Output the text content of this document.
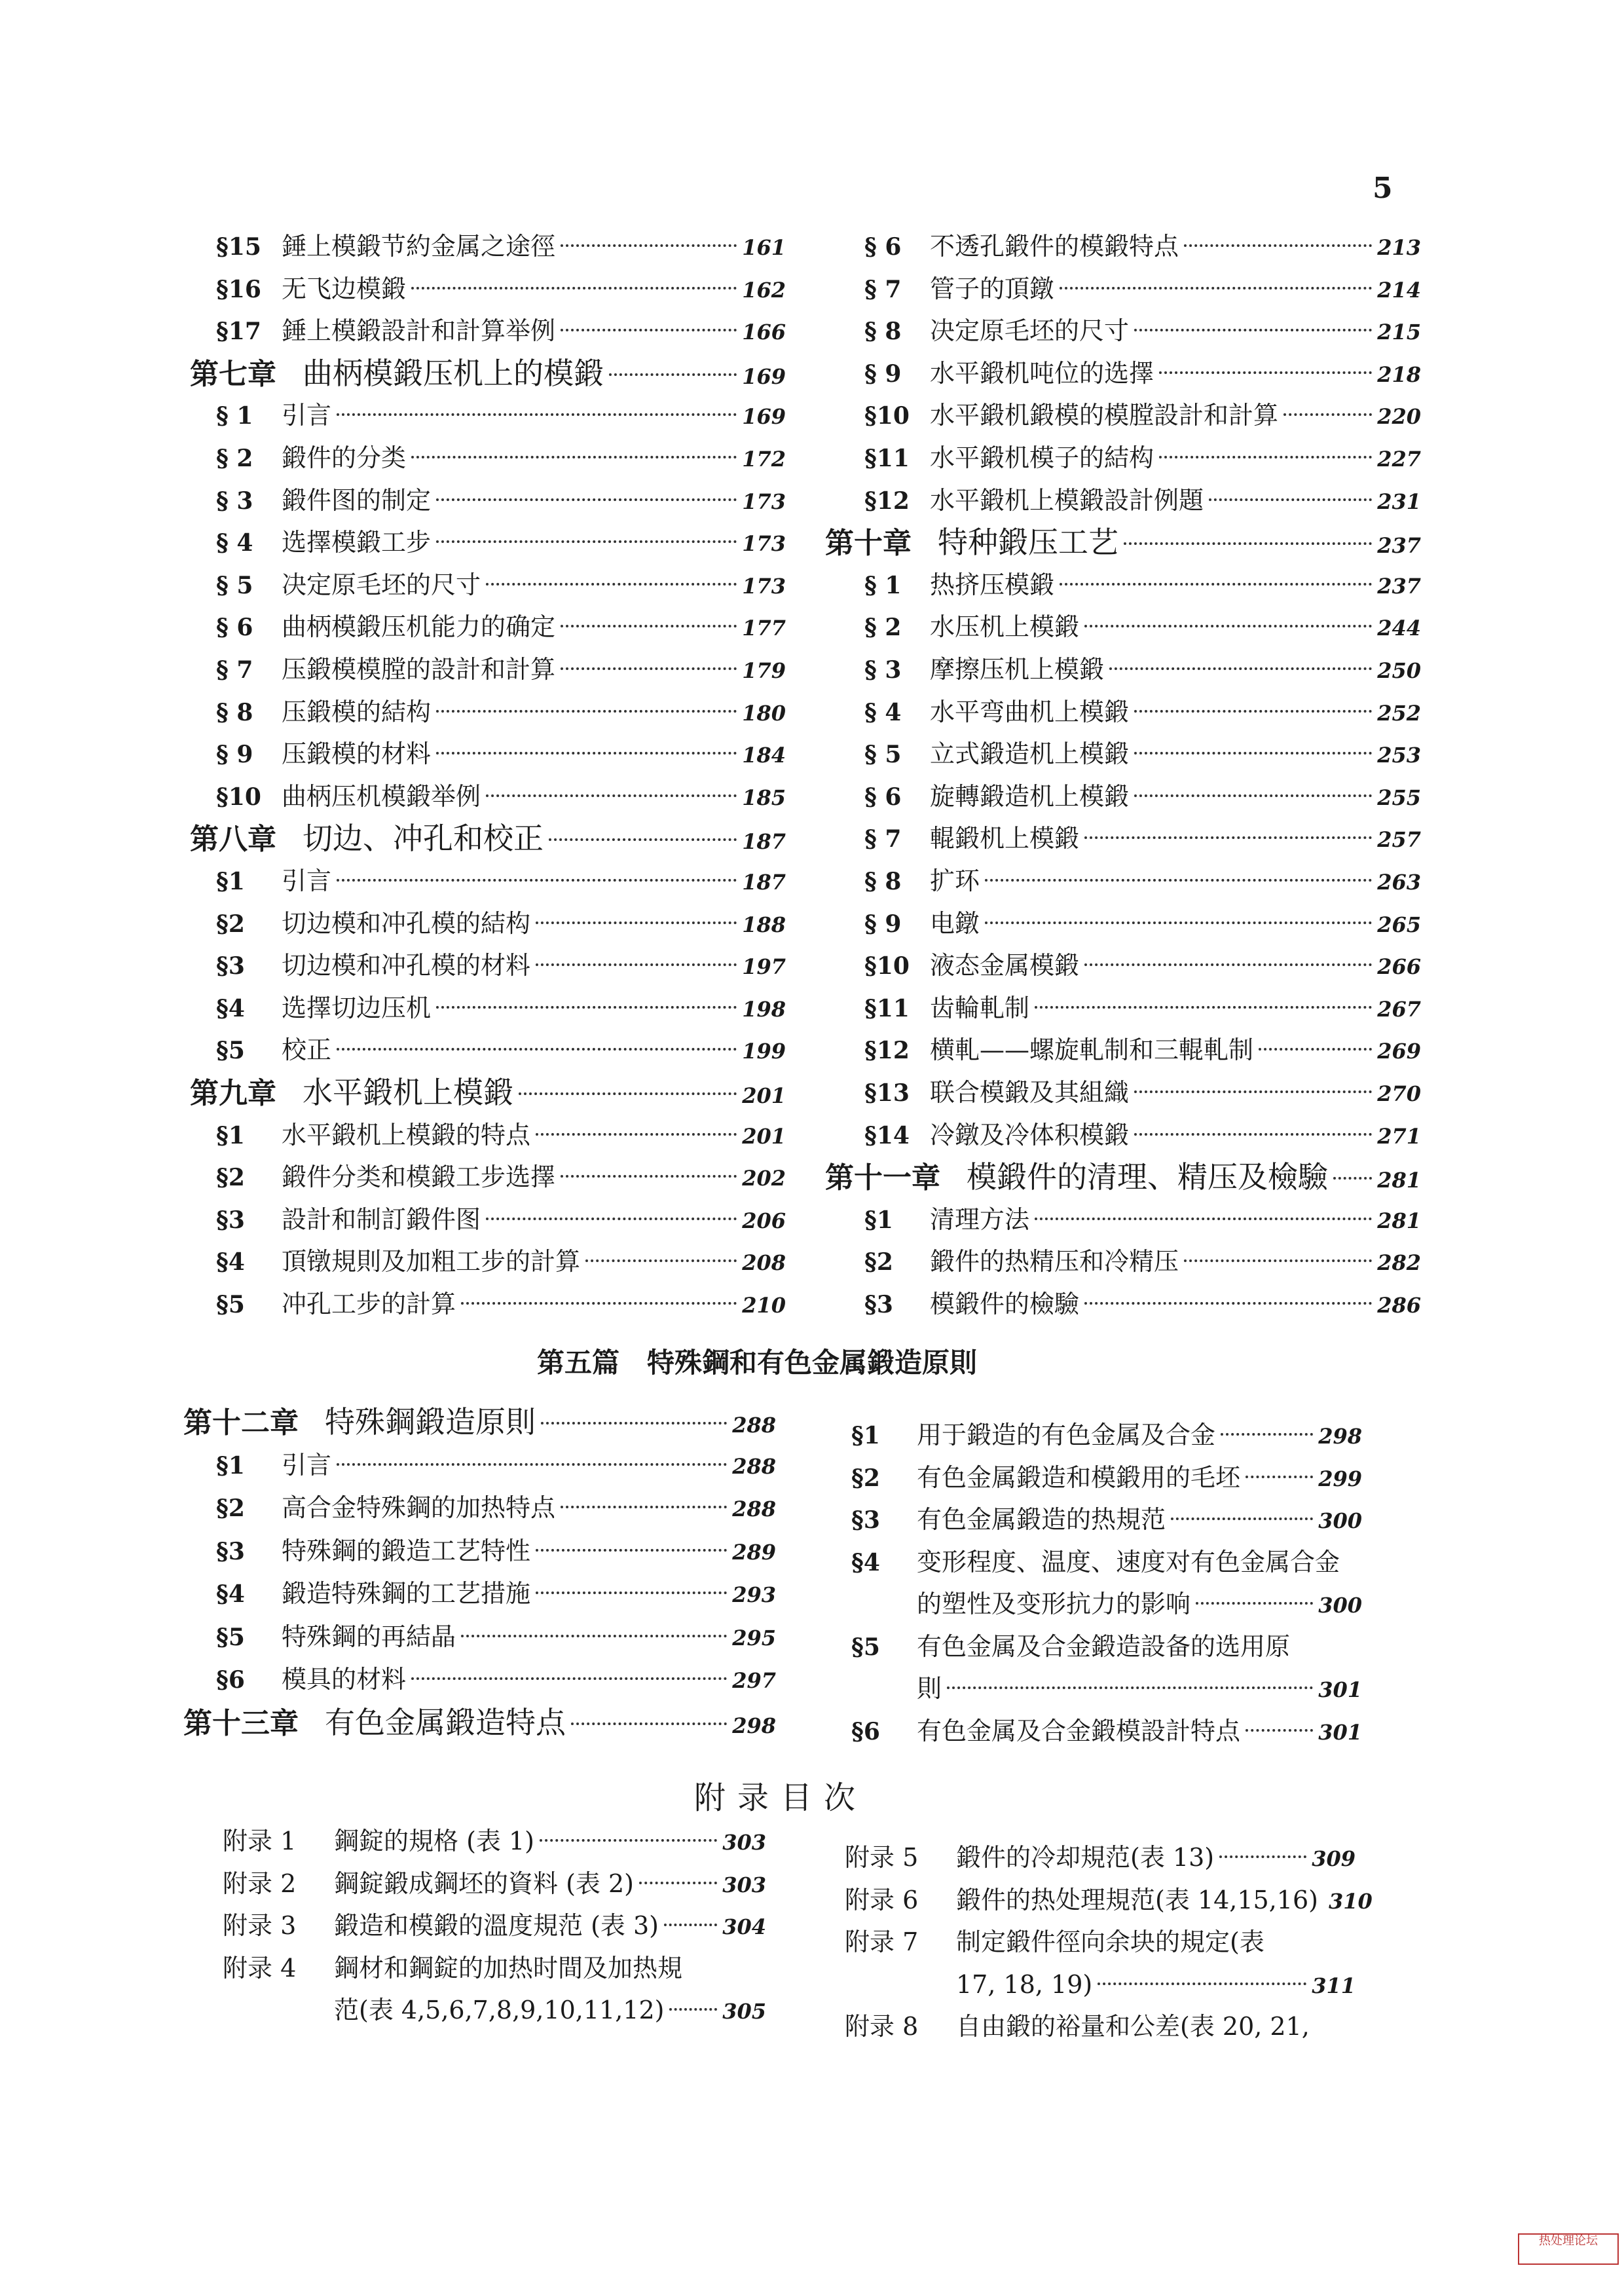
5
§15 錘上模鍛节約金属之途徑	161
§16 无飞边模鍛	162
§17 錘上模鍛設計和計算举例	166
第七章 曲柄模鍛压机上的模鍛	169
§ 1	引言	169
§ 2	鍛件的分类	172
§ 3	鍛件图的制定	173
§ 4	选擇模鍛工步	173
§ 5	决定原毛坯的尺寸	173
§ 6	曲柄模鍛压机能力的确定	177
§ 7	压鍛模模膛的設計和計算	179
§ 8	压鍛模的結构	180
§ 9	压鍛模的材料	184
§10 曲柄压机模鍛举例	185
第八章 切边、冲孔和校正	187
§1	引言	187
§2	切边模和冲孔模的結构	188
§3	切边模和冲孔模的材料	197
§4	选擇切边压机	198
§5	校正	199
第九章 水平鍛机上模鍛	201
§1	水平鍛机上模鍛的特点	201
§2	鍛件分类和模鍛工步选擇	202
§3	設計和制訂鍛件图	206
§4	頂镦規則及加粗工步的計算	208
§5	冲孔工步的計算	210
§ 6	不透孔鍛件的模鍛特点	213
§ 7	管子的頂鐓	214
§ 8	决定原毛坯的尺寸	215
§ 9	水平鍛机吨位的选擇	218
§10 水平鍛机鍛模的模膛設計和計算	220
§11 水平鍛机模子的結构	227
§12 水平鍛机上模鍛設計例題	231
第十章 特种鍛压工艺	237
§ 1	热挤压模鍛	237
§ 2	水压机上模鍛	244
§ 3	摩擦压机上模鍛	250
§ 4	水平弯曲机上模鍛	252
§ 5	立式鍛造机上模鍛	253
§ 6	旋轉鍛造机上模鍛	255
§ 7	輥鍛机上模鍛	257
§ 8	扩环	263
§ 9	电鐓	265
§10 液态金属模鍛	266
§11 齿輪軋制	267
§12 横軋——螺旋軋制和三輥軋制	269
§13 联合模鍛及其組織	270
§14 冷鐓及冷体积模鍛	271
第十一章 模鍛件的清理、精压及檢驗 281
§1	清理方法	281
§2	鍛件的热精压和冷精压	282
§3	模鍛件的檢驗	286
第五篇　特殊鋼和有色金属鍛造原則
第十二章 特殊鋼鍛造原則	288
§1	引言	288
§2	高合金特殊鋼的加热特点	288
§3	特殊鋼的鍛造工艺特性	289
§4	鍛造特殊鋼的工艺措施	293
§5	特殊鋼的再結晶	295
§6	模具的材料	297
第十三章 有色金属鍛造特点	298
§1	用于鍛造的有色金属及合金	298
§2	有色金属鍛造和模鍛用的毛坯	299
§3	有色金属鍛造的热規范	300
§4	变形程度、温度、速度对有色金属合金
的塑性及变形抗力的影响	300
§5	有色金属及合金鍛造設备的选用原
則	301
§6	有色金属及合金鍛模設計特点	301
附录目次
附录 1	鋼錠的規格 (表 1)	303
附录 2	鋼錠鍛成鋼坯的資料 (表 2)	303
附录 3	鍛造和模鍛的溫度規范 (表 3)	304
附录 4	鋼材和鋼錠的加热时間及加热規
范(表 4,5,6,7,8,9,10,11,12)	305
附录 5	鍛件的冷却規范(表 13)	309
附录 6	鍛件的热处理規范(表 14,15,16) 310
附录 7	制定鍛件徑向余块的規定(表
17, 18, 19)	311
附录 8	自由鍛的裕量和公差(表 20, 21,
热处理论坛
